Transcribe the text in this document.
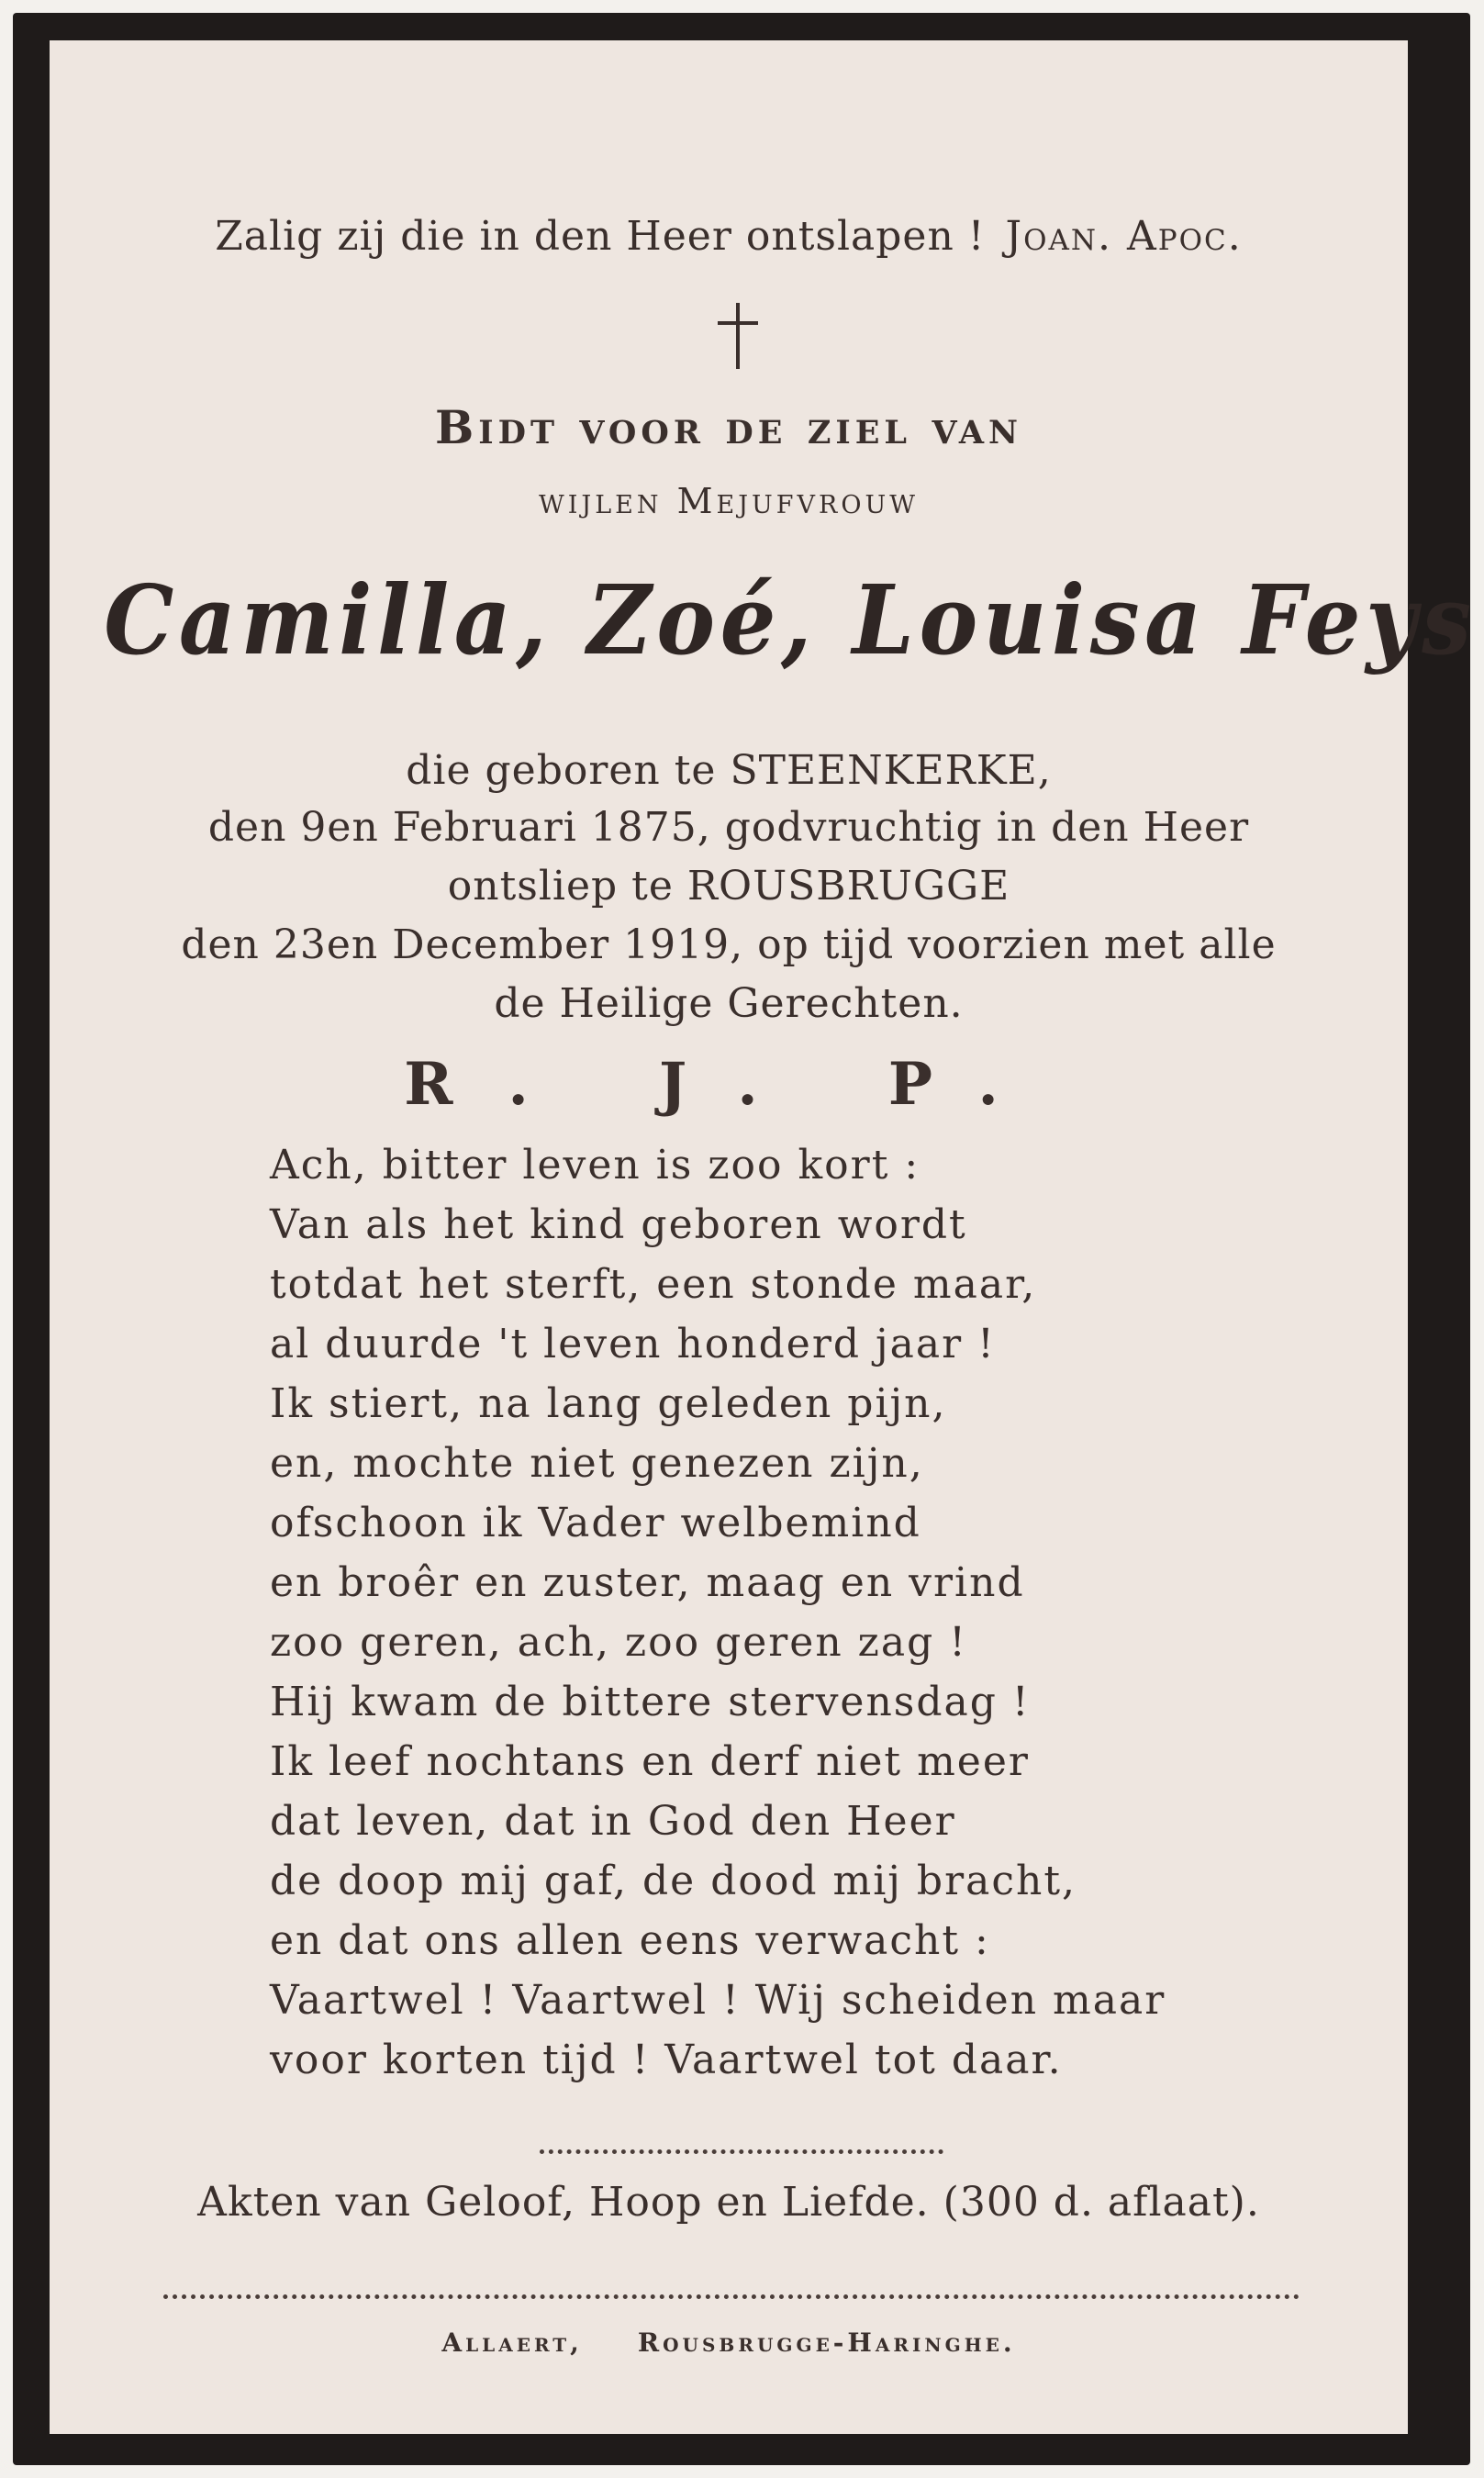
Zalig zij die in den Heer ontslapen ! Joan. Apoc.
Bidt voor de ziel van
wijlen Mejufvrouw
Camilla, Zoé, Louisa Feys
die geboren te STEENKERKE,
den 9en Februari 1875, godvruchtig in den Heer
ontsliep te ROUSBRUGGE
den 23en December 1919, op tijd voorzien met alle
de Heilige Gerechten.
R. J. P.
Ach, bitter leven is zoo kort :
Van als het kind geboren wordt
totdat het sterft, een stonde maar,
al duurde 't leven honderd jaar !
Ik stiert, na lang geleden pijn,
en, mochte niet genezen zijn,
ofschoon ik Vader welbemind
en broêr en zuster, maag en vrind
zoo geren, ach, zoo geren zag !
Hij kwam de bittere stervensdag !
Ik leef nochtans en derf niet meer
dat leven, dat in God den Heer
de doop mij gaf, de dood mij bracht,
en dat ons allen eens verwacht :
Vaartwel ! Vaartwel ! Wij scheiden maar
voor korten tijd ! Vaartwel tot daar.
Akten van Geloof, Hoop en Liefde. (300 d. aflaat).
Allaert, Rousbrugge-Haringhe.
